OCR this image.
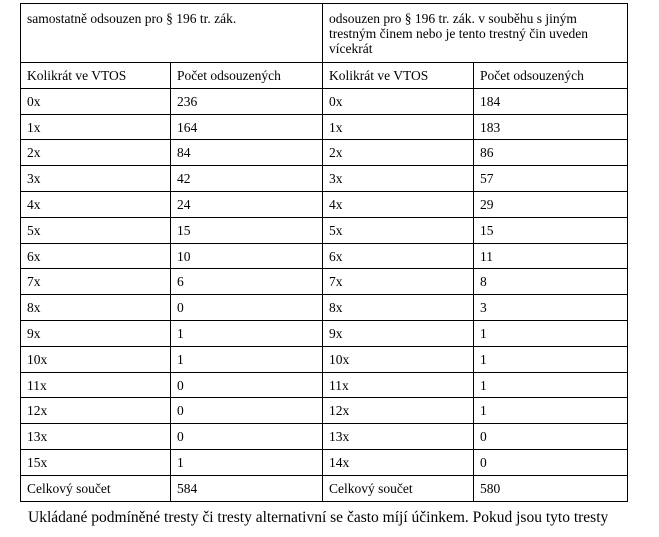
samostatně odsouzen pro § 196 tr. zák.		odsouzen pro § 196 tr. zák. v souběhu s jiným trestným činem nebo je tento trestný čin uveden vícekrát	
Kolikrát ve VTOS	Počet odsouzených	Kolikrát ve VTOS	Počet odsouzených
0x	236	0x	184
1x	164	1x	183
2x	84	2x	86
3x	42	3x	57
4x	24	4x	29
5x	15	5x	15
6x	10	6x	11
7x	6	7x	8
8x	0	8x	3
9x	1	9x	1
10x	1	10x	1
11x	0	11x	1
12x	0	12x	1
13x	0	13x	0
15x	1	14x	0
Celkový součet	584	Celkový součet	580
Ukládané podmíněné tresty či tresty alternativní se často míjí účinkem. Pokud jsou tyto tresty
